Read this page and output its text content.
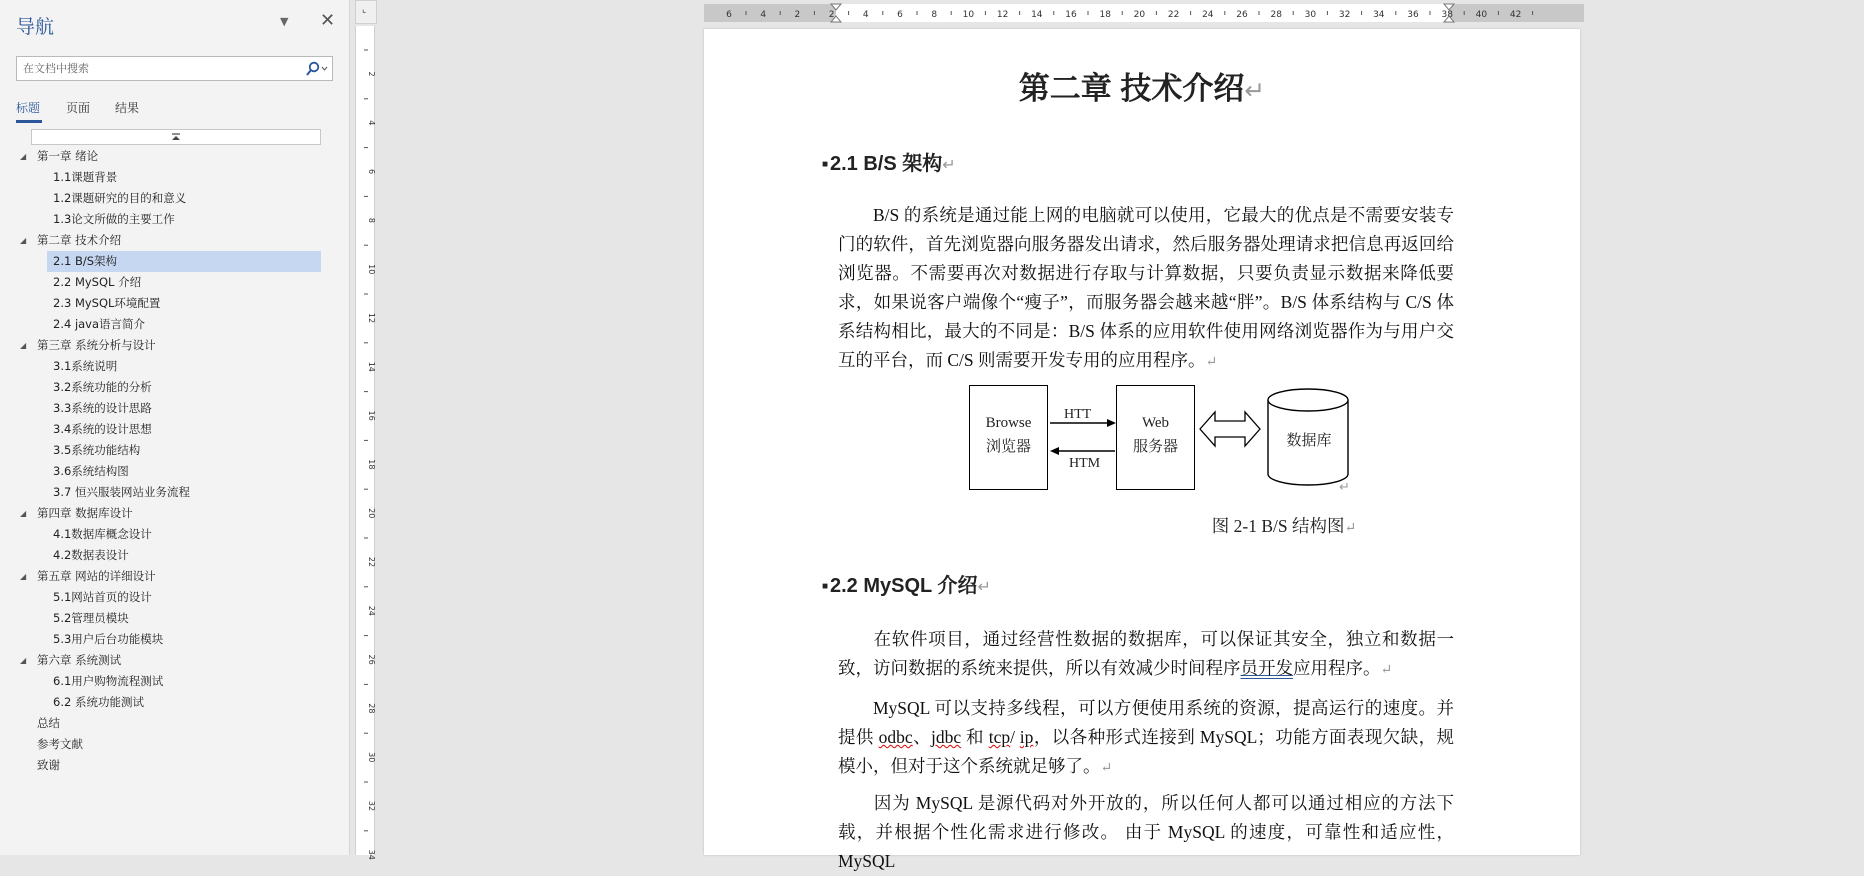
导航	▼ ✕
在文档中搜索
标题 页面 结果
◢ 第一章 绪论
1.1课题背景
1.2课题研究的目的和意义
1.3论文所做的主要工作
◢ 第二章 技术介绍
2.1 B/S架构
2.2 MySQL 介绍
2.3 MySQL环境配置
2.4 java语言简介
◢ 第三章 系统分析与设计
3.1系统说明
3.2系统功能的分析
3.3系统的设计思路
3.4系统的设计思想
3.5系统功能结构
3.6系统结构图
3.7 恒兴服装网站业务流程
◢ 第四章 数据库设计
4.1数据库概念设计
4.2数据表设计
◢ 第五章 网站的详细设计
5.1网站首页的设计
5.2管理员模块
5.3用户后台功能模块
◢ 第六章 系统测试
6.1用户购物流程测试
6.2 系统功能测试
总结
参考文献
致谢
⌞
2
4
6
8
10
12
14
16
18
20
22
24
26
28
30
32
34
6	4	2	2	4	6	8	10	12	14	16	18	20	22	24	26	28	30	32	34	36	38	40	42
第二章 技术介绍↵
■ 2.1 B/S 架构↵
B/S 的系统是通过能上网的电脑就可以使用，它最大的优点是不需要安装专门的软件，首先浏览器向服务器发出请求，然后服务器处理请求把信息再返回给浏览器。不需要再次对数据进行存取与计算数据，只要负责显示数据来降低要求，如果说客户端像个“瘦子”，而服务器会越来越“胖”。B/S 体系结构与 C/S 体系结构相比，最大的不同是：B/S 体系的应用软件使用网络浏览器作为与用户交互的平台，而 C/S 则需要开发专用的应用程序。↵
Browse
浏览器
Web
服务器
HTT
HTM
数据库
↵
图 2-1 B/S 结构图↵
■ 2.2 MySQL 介绍↵
在软件项目，通过经营性数据的数据库，可以保证其安全，独立和数据一致，访问数据的系统来提供，所以有效减少时间程序员开发应用程序。↵
MySQL 可以支持多线程，可以方便使用系统的资源，提高运行的速度。并提供 odbc、jdbc 和 tcp/ ip，以各种形式连接到 MySQL；功能方面表现欠缺，规模小，但对于这个系统就足够了。↵
因为 MySQL 是源代码对外开放的，所以任何人都可以通过相应的方法下载，并根据个性化需求进行修改。 由于 MySQL 的速度，可靠性和适应性，MySQL
